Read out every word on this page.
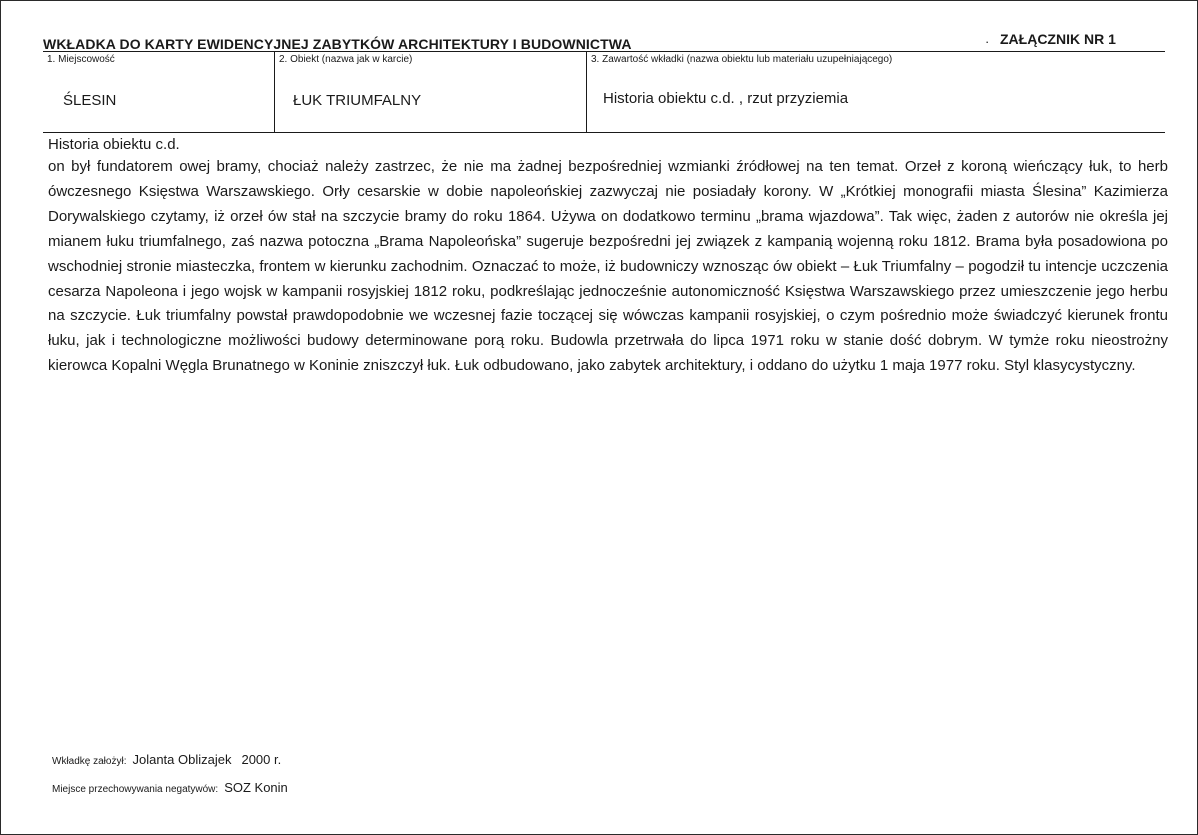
WKŁADKA DO KARTY EWIDENCYJNEJ ZABYTKÓW ARCHITEKTURY I BUDOWNICTWA	· ZAŁĄCZNIK NR 1
1. Miejscowość
ŚLESIN
2. Obiekt (nazwa jak w karcie)
ŁUK TRIUMFALNY
3. Zawartość wkładki (nazwa obiektu lub materiału uzupełniającego)
Historia obiektu c.d. , rzut przyziemia
Historia obiektu c.d.

on był fundatorem owej bramy, chociaż należy zastrzec, że nie ma żadnej bezpośredniej wzmianki źródłowej na ten temat. Orzeł z koroną wieńczący łuk, to herb ówczesnego Księstwa Warszawskiego. Orły cesarskie w dobie napoleońskiej zazwyczaj nie posiadały korony. W „Krótkiej monografii miasta Ślesina” Kazimierza Dorywalskiego czytamy, iż orzeł ów stał na szczycie bramy do roku 1864. Używa on dodatkowo terminu „brama wjazdowa”. Tak więc, żaden z autorów nie określa jej mianem łuku triumfalnego, zaś nazwa potoczna „Brama Napoleońska” sugeruje bezpośredni jej związek z kampanią wojenną roku 1812. Brama była posadowiona po wschodniej stronie miasteczka, frontem w kierunku zachodnim. Oznaczać to może, iż budowniczy wznosząc ów obiekt – Łuk Triumfalny – pogodził tu intencje uczczenia cesarza Napoleona i jego wojsk w kampanii rosyjskiej 1812 roku, podkreślając jednocześnie autonomiczność Księstwa Warszawskiego przez umieszczenie jego herbu na szczycie. Łuk triumfalny powstał prawdopodobnie we wczesnej fazie toczącej się wówczas kampanii rosyjskiej, o czym pośrednio może świadczyć kierunek frontu łuku, jak i technologiczne możliwości budowy determinowane porą roku. Budowla przetrwała do lipca 1971 roku w stanie dość dobrym. W tymże roku nieostrożny kierowca Kopalni Węgla Brunatnego w Koninie zniszczył łuk. Łuk odbudowano, jako zabytek architektury, i oddano do użytku 1 maja 1977 roku. Styl klasycystyczny.

Wkładkę założył: Jolanta Oblizajek 2000 r.
Miejsce przechowywania negatywów: SOZ Konin
